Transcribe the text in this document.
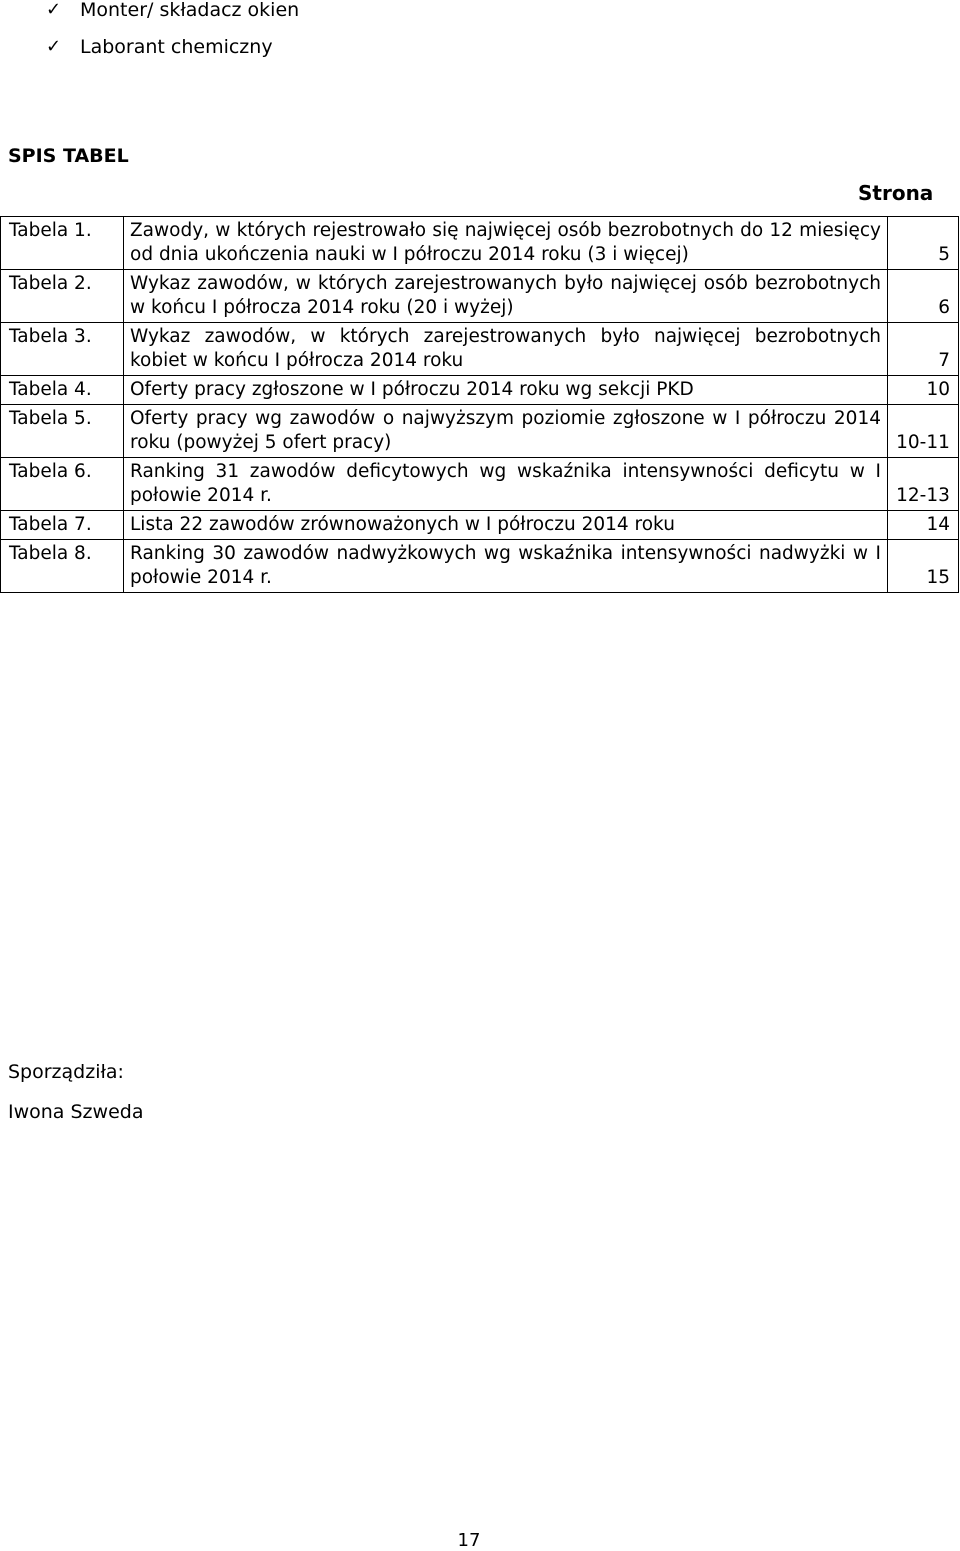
✓ Monter/ składacz okien
✓ Laborant chemiczny
SPIS TABEL
Strona
Tabela 1.	Zawody, w których rejestrowało się najwięcej osób bezrobotnych do 12 miesięcy od dnia ukończenia nauki w I półroczu 2014 roku (3 i więcej)	5
Tabela 2.	Wykaz zawodów, w których zarejestrowanych było najwięcej osób bezrobotnych w końcu I półrocza 2014 roku (20 i wyżej)	6
Tabela 3.	Wykaz zawodów, w których zarejestrowanych było najwięcej bezrobotnych kobiet w końcu I półrocza 2014 roku	7
Tabela 4.	Oferty pracy zgłoszone w I półroczu 2014 roku wg sekcji PKD	10
Tabela 5.	Oferty pracy wg zawodów o najwyższym poziomie zgłoszone w I półroczu 2014 roku (powyżej 5 ofert pracy)	10-11
Tabela 6.	Ranking 31 zawodów deficytowych wg wskaźnika intensywności deficytu w I połowie 2014 r.	12-13
Tabela 7.	Lista 22 zawodów zrównoważonych w I półroczu 2014 roku	14
Tabela 8.	Ranking 30 zawodów nadwyżkowych wg wskaźnika intensywności nadwyżki w I połowie 2014 r.	15
Sporządziła:
Iwona Szweda
17
